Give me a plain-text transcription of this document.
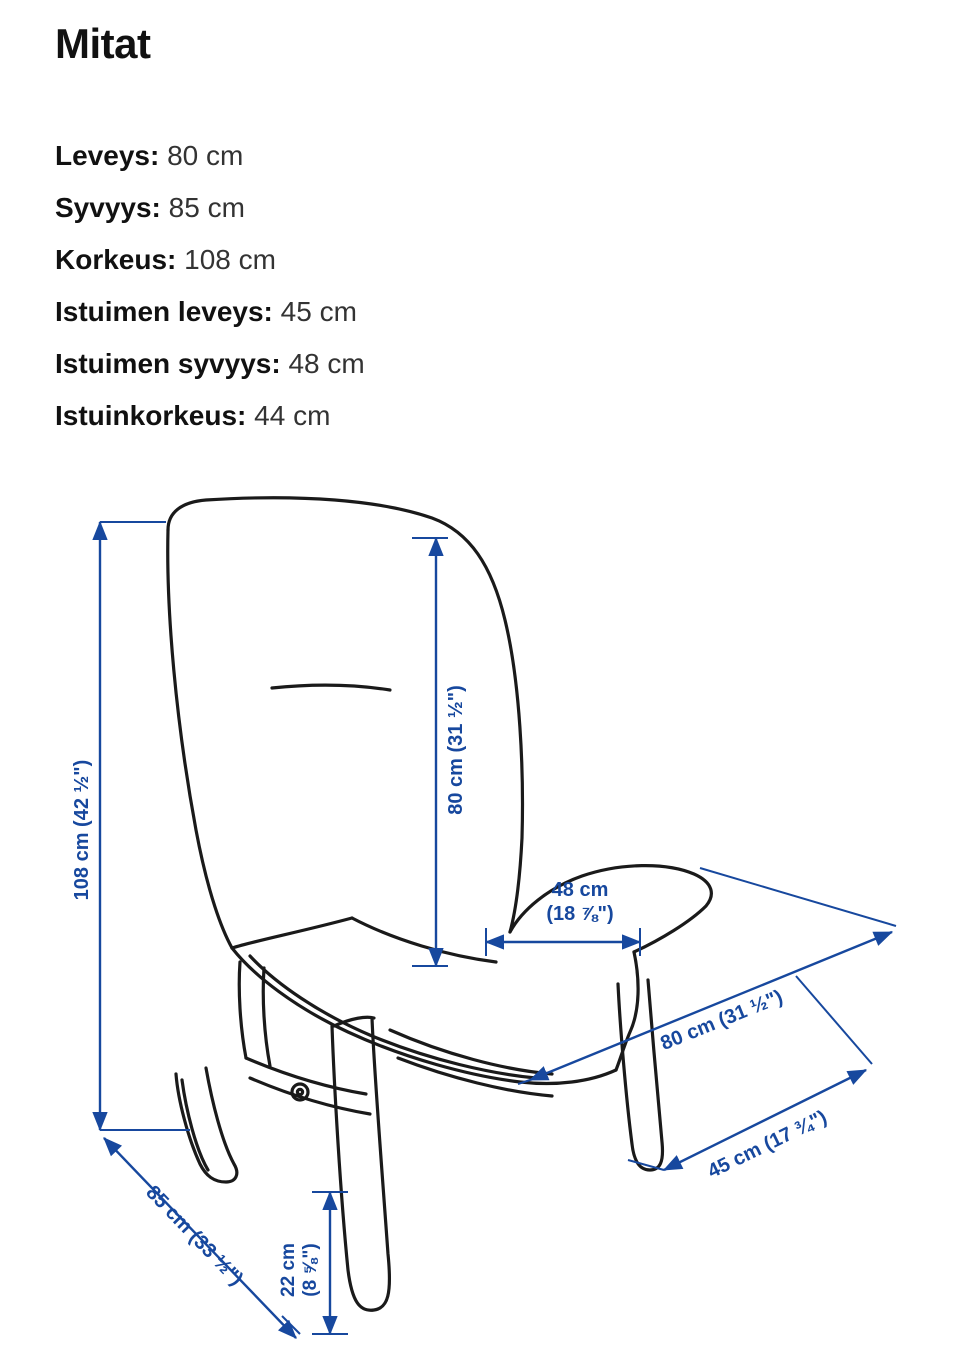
Mitat
Leveys: 80 cm
Syvyys: 85 cm
Korkeus: 108 cm
Istuimen leveys: 45 cm
Istuimen syvyys: 48 cm
Istuinkorkeus: 44 cm
108 cm (42 ½")
80 cm (31 ½")
48 cm
(18 ⅞")
80 cm (31 ½")
45 cm (17 ¾")
85 cm (33 ½") 22 cm (8 ⅝")
